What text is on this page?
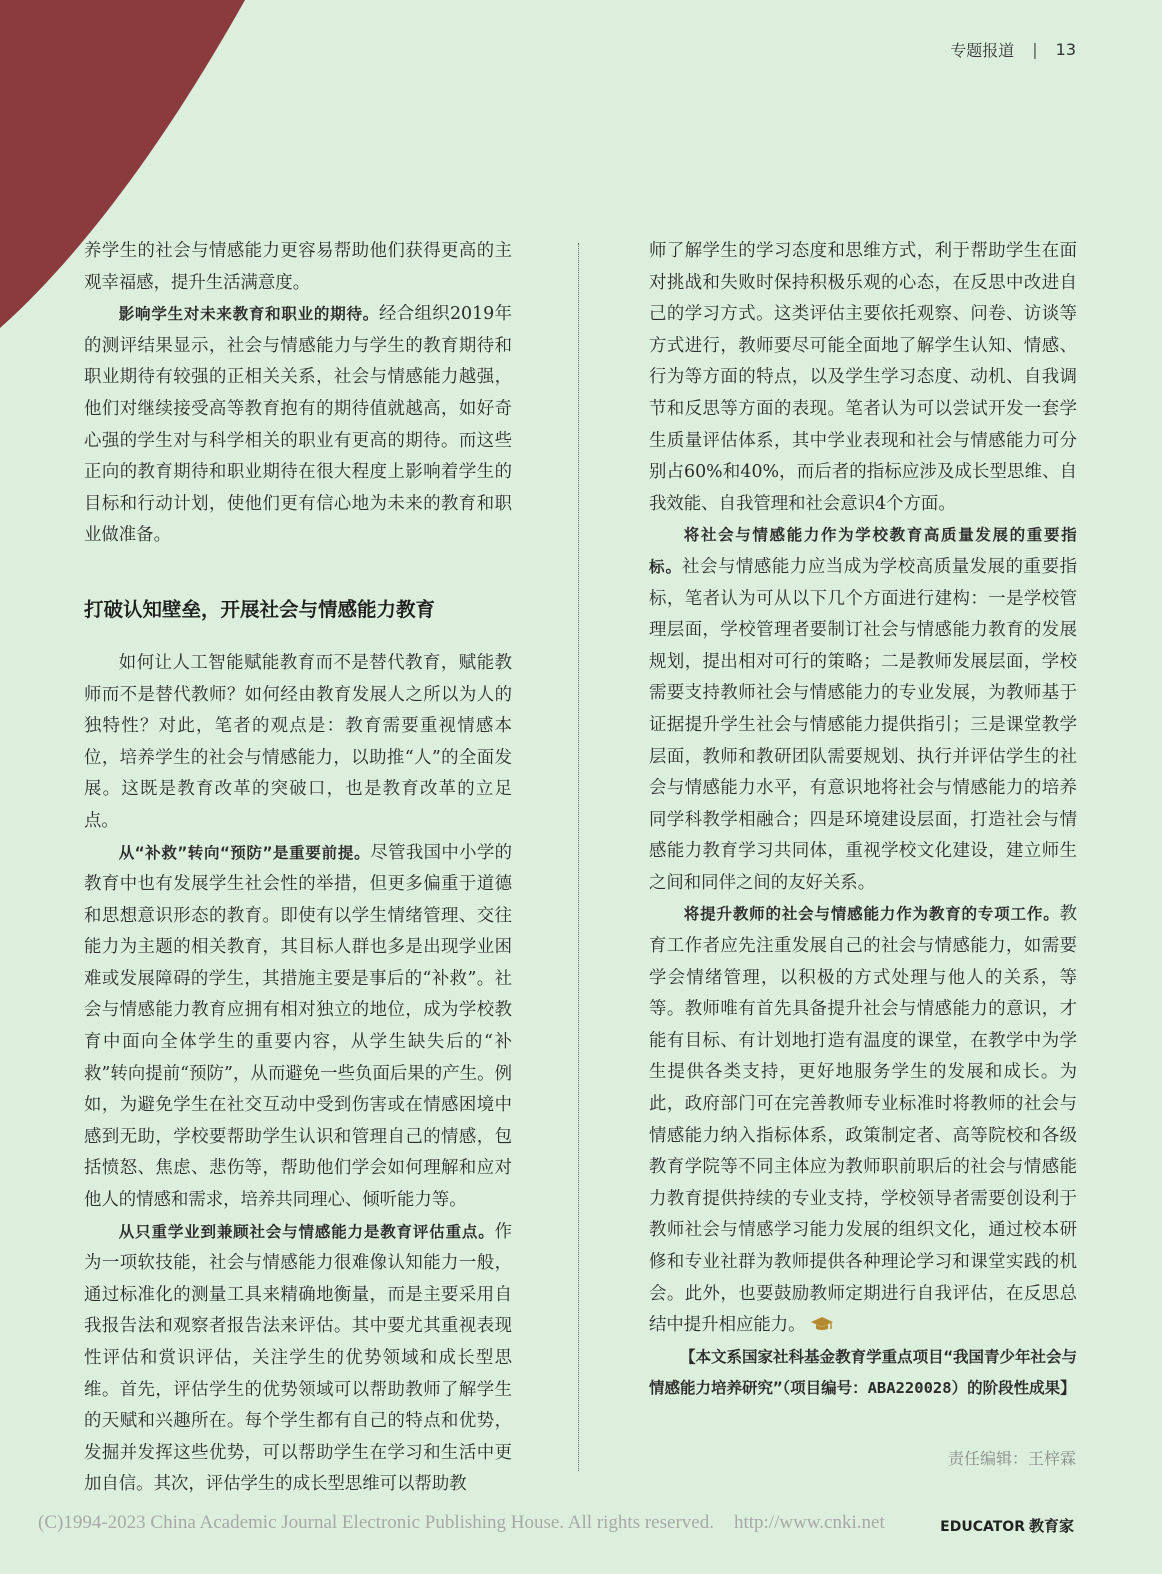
专题报道 | 13

养学生的社会与情感能力更容易帮助他们获得更高的主观幸福感，提升生活满意度。

影响学生对未来教育和职业的期待。经合组织2019年的测评结果显示，社会与情感能力与学生的教育期待和职业期待有较强的正相关关系，社会与情感能力越强，他们对继续接受高等教育抱有的期待值就越高，如好奇心强的学生对与科学相关的职业有更高的期待。而这些正向的教育期待和职业期待在很大程度上影响着学生的目标和行动计划，使他们更有信心地为未来的教育和职业做准备。

打破认知壁垒，开展社会与情感能力教育

如何让人工智能赋能教育而不是替代教育，赋能教师而不是替代教师？如何经由教育发展人之所以为人的独特性？对此，笔者的观点是：教育需要重视情感本位，培养学生的社会与情感能力，以助推“人”的全面发展。这既是教育改革的突破口，也是教育改革的立足点。

从“补救”转向“预防”是重要前提。尽管我国中小学的教育中也有发展学生社会性的举措，但更多偏重于道德和思想意识形态的教育。即使有以学生情绪管理、交往能力为主题的相关教育，其目标人群也多是出现学业困难或发展障碍的学生，其措施主要是事后的“补救”。社会与情感能力教育应拥有相对独立的地位，成为学校教育中面向全体学生的重要内容，从学生缺失后的“补救”转向提前“预防”，从而避免一些负面后果的产生。例如，为避免学生在社交互动中受到伤害或在情感困境中感到无助，学校要帮助学生认识和管理自己的情感，包括愤怒、焦虑、悲伤等，帮助他们学会如何理解和应对他人的情感和需求，培养共同理心、倾听能力等。

从只重学业到兼顾社会与情感能力是教育评估重点。作为一项软技能，社会与情感能力很难像认知能力一般，通过标准化的测量工具来精确地衡量，而是主要采用自我报告法和观察者报告法来评估。其中要尤其重视表现性评估和赏识评估，关注学生的优势领域和成长型思维。首先，评估学生的优势领域可以帮助教师了解学生的天赋和兴趣所在。每个学生都有自己的特点和优势，发掘并发挥这些优势，可以帮助学生在学习和生活中更加自信。其次，评估学生的成长型思维可以帮助教

师了解学生的学习态度和思维方式，利于帮助学生在面对挑战和失败时保持积极乐观的心态，在反思中改进自己的学习方式。这类评估主要依托观察、问卷、访谈等方式进行，教师要尽可能全面地了解学生认知、情感、行为等方面的特点，以及学生学习态度、动机、自我调节和反思等方面的表现。笔者认为可以尝试开发一套学生质量评估体系，其中学业表现和社会与情感能力可分别占60%和40%，而后者的指标应涉及成长型思维、自我效能、自我管理和社会意识4个方面。

将社会与情感能力作为学校教育高质量发展的重要指标。社会与情感能力应当成为学校高质量发展的重要指标，笔者认为可从以下几个方面进行建构：一是学校管理层面，学校管理者要制订社会与情感能力教育的发展规划，提出相对可行的策略；二是教师发展层面，学校需要支持教师社会与情感能力的专业发展，为教师基于证据提升学生社会与情感能力提供指引；三是课堂教学层面，教师和教研团队需要规划、执行并评估学生的社会与情感能力水平，有意识地将社会与情感能力的培养同学科教学相融合；四是环境建设层面，打造社会与情感能力教育学习共同体，重视学校文化建设，建立师生之间和同伴之间的友好关系。

将提升教师的社会与情感能力作为教育的专项工作。教育工作者应先注重发展自己的社会与情感能力，如需要学会情绪管理，以积极的方式处理与他人的关系，等等。教师唯有首先具备提升社会与情感能力的意识，才能有目标、有计划地打造有温度的课堂，在教学中为学生提供各类支持，更好地服务学生的发展和成长。为此，政府部门可在完善教师专业标准时将教师的社会与情感能力纳入指标体系，政策制定者、高等院校和各级教育学院等不同主体应为教师职前职后的社会与情感能力教育提供持续的专业支持，学校领导者需要创设利于教师社会与情感学习能力发展的组织文化，通过校本研修和专业社群为教师提供各种理论学习和课堂实践的机会。此外，也要鼓励教师定期进行自我评估，在反思总结中提升相应能力。

【本文系国家社科基金教育学重点项目“我国青少年社会与情感能力培养研究”（项目编号：ABA220028）的阶段性成果】

责任编辑：王梓霖
(C)1994-2023 China Academic Journal Electronic Publishing House. All rights reserved. http://www.cnki.net	EDUCATOR 教育家
